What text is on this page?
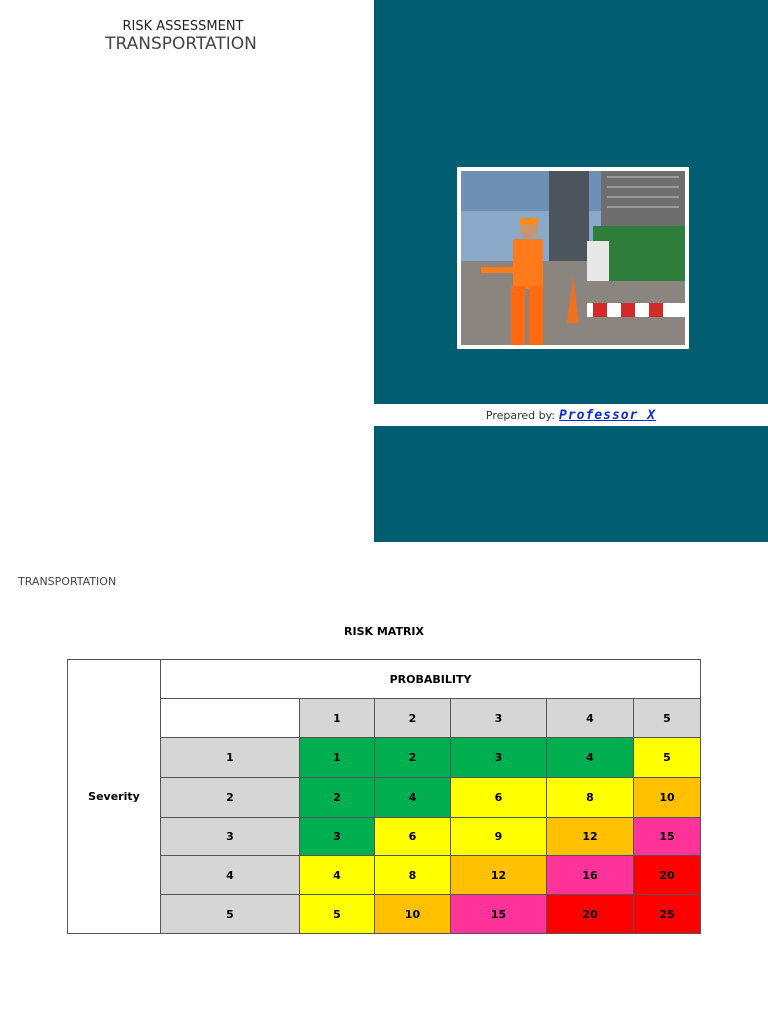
RISK ASSESSMENT
TRANSPORTATION
Prepared by: Professor X
TRANSPORTATION
RISK MATRIX
Severity	PROBABILITY					
		1	2	3	4	5
	1	1	2	3	4	5
	2	2	4	6	8	10
	3	3	6	9	12	15
	4	4	8	12	16	20
	5	5	10	15	20	25
